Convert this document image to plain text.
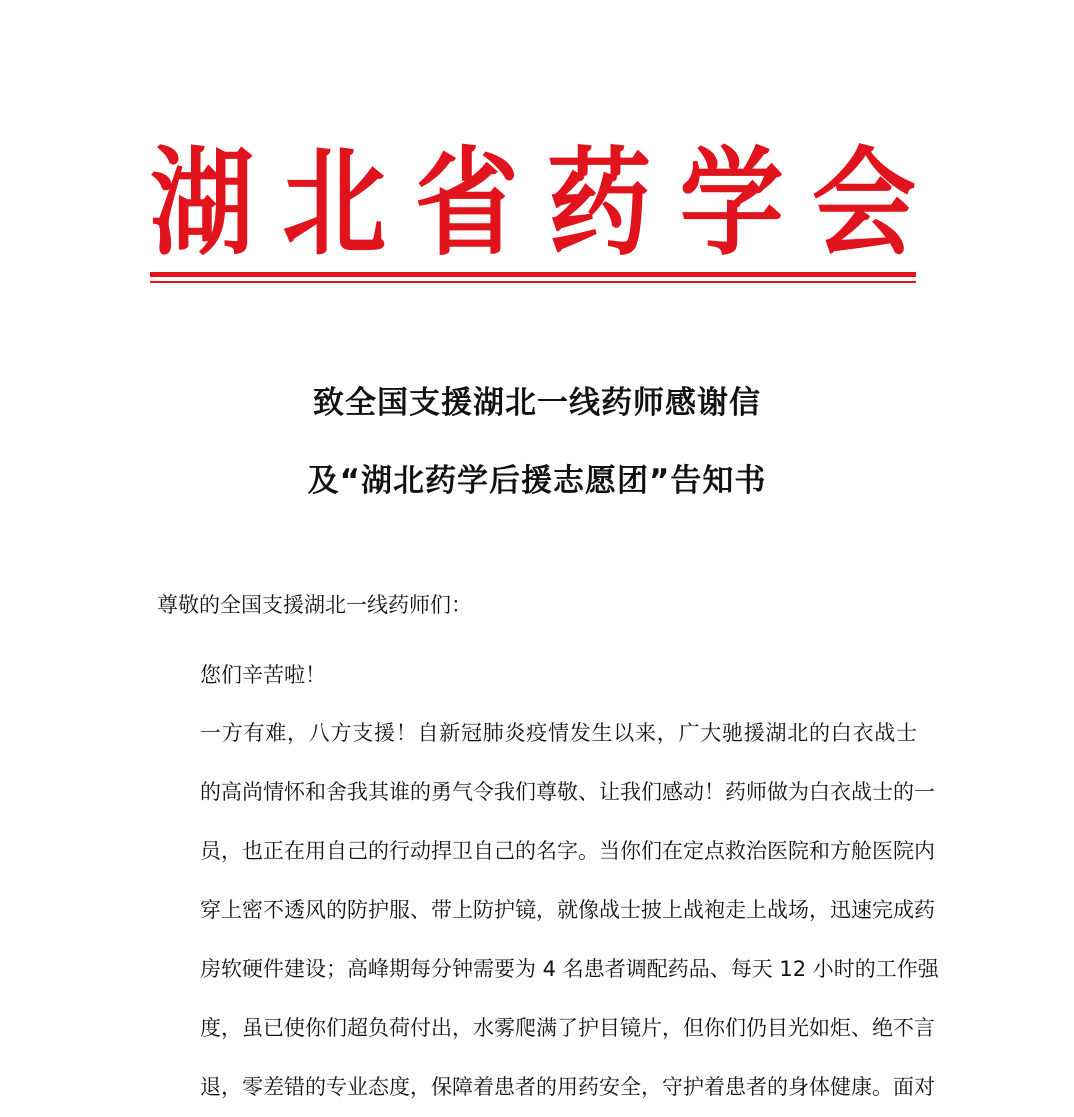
湖 北 省 药 学 会
致全国支援湖北一线药师感谢信
及“湖北药学后援志愿团”告知书
尊敬的全国支援湖北一线药师们：
您们辛苦啦！
一方有难，八方支援！自新冠肺炎疫情发生以来，广大驰援湖北的白衣战士
的高尚情怀和舍我其谁的勇气令我们尊敬、让我们感动！药师做为白衣战士的一
员，也正在用自己的行动捍卫自己的名字。当你们在定点救治医院和方舱医院内
穿上密不透风的防护服、带上防护镜，就像战士披上战袍走上战场，迅速完成药
房软硬件建设；高峰期每分钟需要为 4 名患者调配药品、每天 12 小时的工作强
度，虽已使你们超负荷付出，水雾爬满了护目镜片，但你们仍目光如炬、绝不言
退，零差错的专业态度，保障着患者的用药安全，守护着患者的身体健康。面对
